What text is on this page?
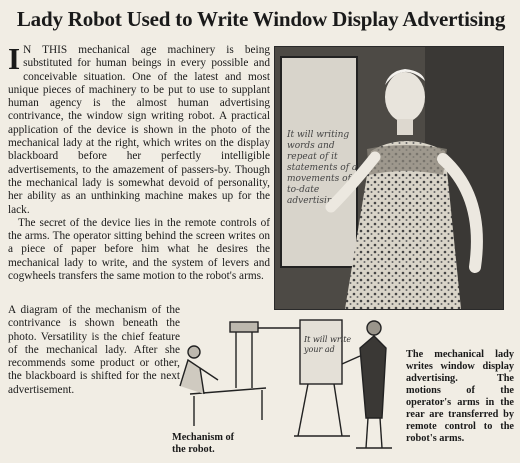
Lady Robot Used to Write Window Display Advertising

I N THIS mechanical age machinery is being substituted for human beings in every possible and conceivable situation. One of the latest and most unique pieces of machinery to be put to use to supplant human agency is the almost human advertising contrivance, the window sign writing robot. A practical application of the device is shown in the photo of the mechanical lady at the right, which writes on the display blackboard before her perfectly intelligible advertisements, to the amazement of passers-by. Though the mechanical lady is somewhat devoid of personality, her ability as an unthinking machine makes up for the lack.

The secret of the device lies in the remote controls of the arms. The operator sitting behind the screen writes on a piece of paper before him what he desires the mechanical lady to write, and the system of levers and cogwheels transfers the same motion to the robot's arms.

A diagram of the mechanism of the contrivance is shown beneath the photo. Versatility is the chief feature of the mechanical lady. After she recommends some product or other, the blackboard is shifted for the next advertisement.

It will writing words and repeat of it statements of all movements of to-date advertising
The mechanical lady writes window display advertising. The motions of the operator's arms in the rear are transferred by remote control to the robot's arms.
It will write your ad
Mechanism of the robot.
